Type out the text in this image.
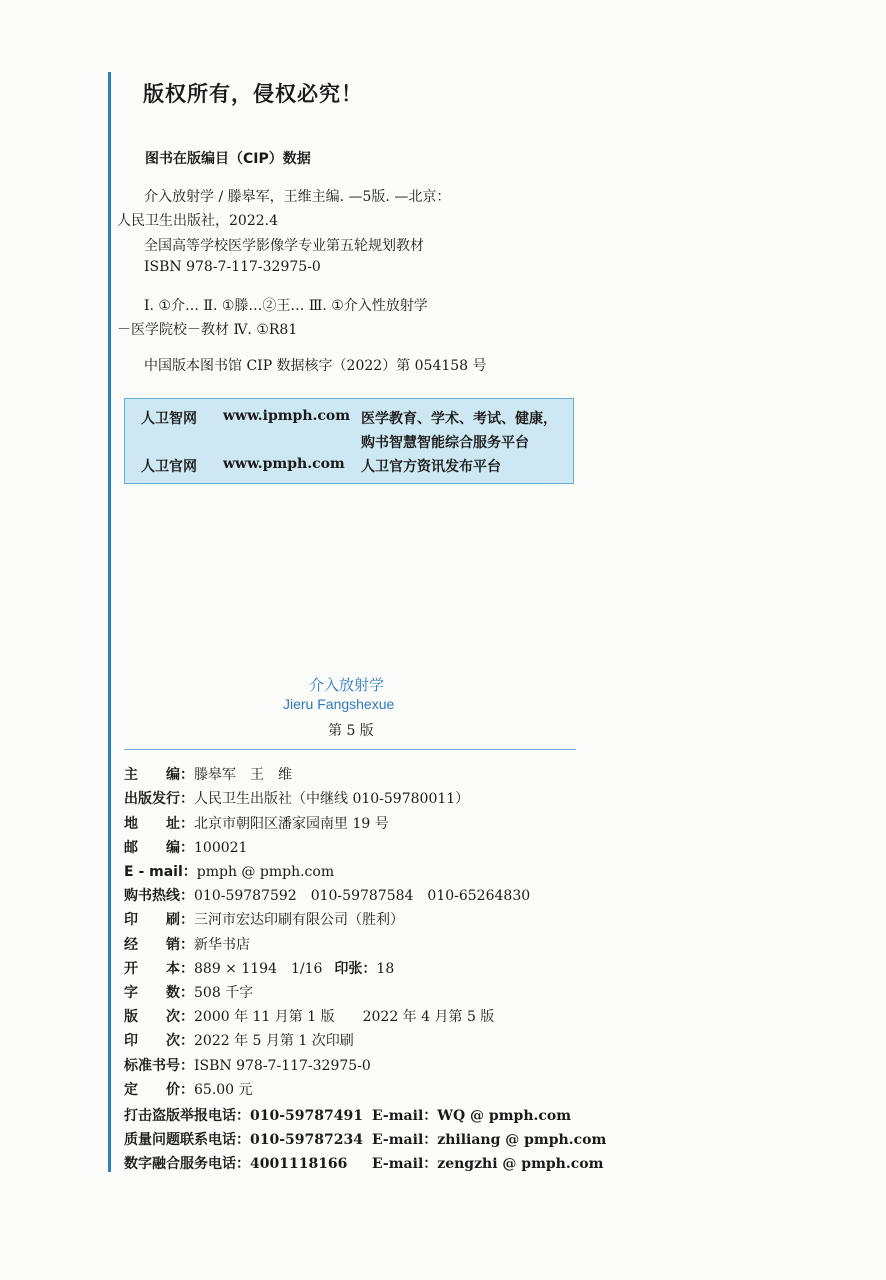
版权所有，侵权必究！
图书在版编目（CIP）数据
介入放射学 / 滕皋军，王维主编. —5版. —北京：
人民卫生出版社，2022.4
全国高等学校医学影像学专业第五轮规划教材
ISBN 978-7-117-32975-0
Ⅰ. ①介… Ⅱ. ①滕…②王… Ⅲ. ①介入性放射学
－医学院校－教材 Ⅳ. ①R81
中国版本图书馆 CIP 数据核字（2022）第 054158 号
人卫智网 www.ipmph.com 医学教育、学术、考试、健康，
购书智慧智能综合服务平台
人卫官网 www.pmph.com 人卫官方资讯发布平台
介入放射学
Jieru Fangshexue
第 5 版
主　　编： 滕皋军　王　维
出版发行： 人民卫生出版社（中继线 010-59780011）
地　　址： 北京市朝阳区潘家园南里 19 号
邮　　编： 100021
E - mail： pmph @ pmph.com
购书热线： 010-59787592　010-59787584　010-65264830
印　　刷： 三河市宏达印刷有限公司（胜利）
经　　销： 新华书店
开　　本： 889 × 1194　1/16 印张： 18
字　　数： 508 千字
版　　次： 2000 年 11 月第 1 版　　2022 年 4 月第 5 版
印　　次： 2022 年 5 月第 1 次印刷
标准书号： ISBN 978-7-117-32975-0
定　　价： 65.00 元
打击盗版举报电话：010-59787491 E-mail：WQ @ pmph.com
质量问题联系电话：010-59787234 E-mail：zhiliang @ pmph.com
数字融合服务电话：4001118166 E-mail：zengzhi @ pmph.com
